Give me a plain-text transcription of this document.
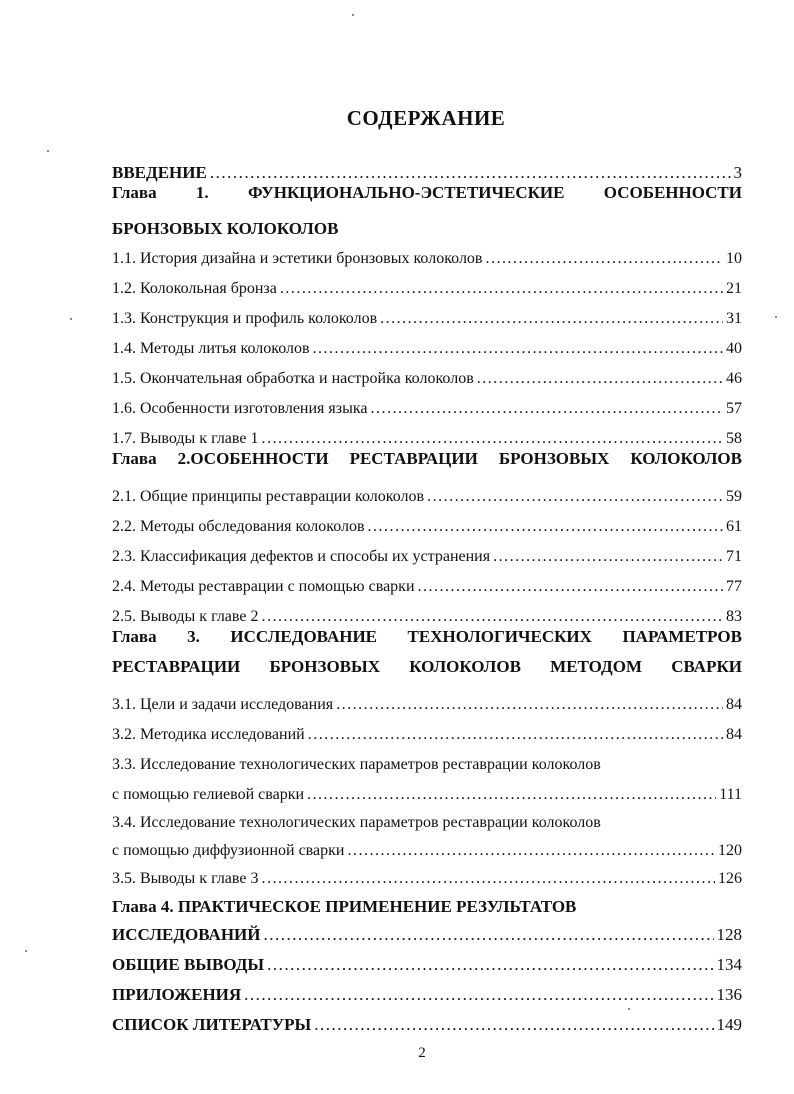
СОДЕРЖАНИЕ
ВВЕДЕНИЕ .....	3
Глава 1. ФУНКЦИОНАЛЬНО-ЭСТЕТИЧЕСКИЕ ОСОБЕННОСТИ
БРОНЗОВЫХ КОЛОКОЛОВ
1.1. История дизайна и эстетики бронзовых колоколов .....	10
1.2. Колокольная бронза .....	21
1.3. Конструкция и профиль колоколов .....	31
1.4. Методы литья колоколов .....	40
1.5. Окончательная обработка и настройка колоколов .....	46
1.6. Особенности изготовления языка .....	57
1.7. Выводы к главе 1 .....	58
Глава 2.ОСОБЕННОСТИ РЕСТАВРАЦИИ БРОНЗОВЫХ КОЛОКОЛОВ
2.1. Общие принципы реставрации колоколов .....	59
2.2. Методы обследования колоколов .....	61
2.3. Классификация дефектов и способы их устранения .....	71
2.4. Методы реставрации с помощью сварки .....	77
2.5. Выводы к главе 2 .....	83
Глава 3. ИССЛЕДОВАНИЕ ТЕХНОЛОГИЧЕСКИХ ПАРАМЕТРОВ
РЕСТАВРАЦИИ БРОНЗОВЫХ КОЛОКОЛОВ МЕТОДОМ СВАРКИ
3.1. Цели и задачи исследования .....	84
3.2. Методика исследований .....	84
3.3. Исследование технологических параметров реставрации колоколов
с помощью гелиевой сварки .....	111
3.4. Исследование технологических параметров реставрации колоколов
с помощью диффузионной сварки .....	120
3.5. Выводы к главе 3 .....	126
Глава 4. ПРАКТИЧЕСКОЕ ПРИМЕНЕНИЕ РЕЗУЛЬТАТОВ
ИССЛЕДОВАНИЙ .....	128
ОБЩИЕ ВЫВОДЫ .....	134
ПРИЛОЖЕНИЯ .....	136
СПИСОК ЛИТЕРАТУРЫ .....	149
2
